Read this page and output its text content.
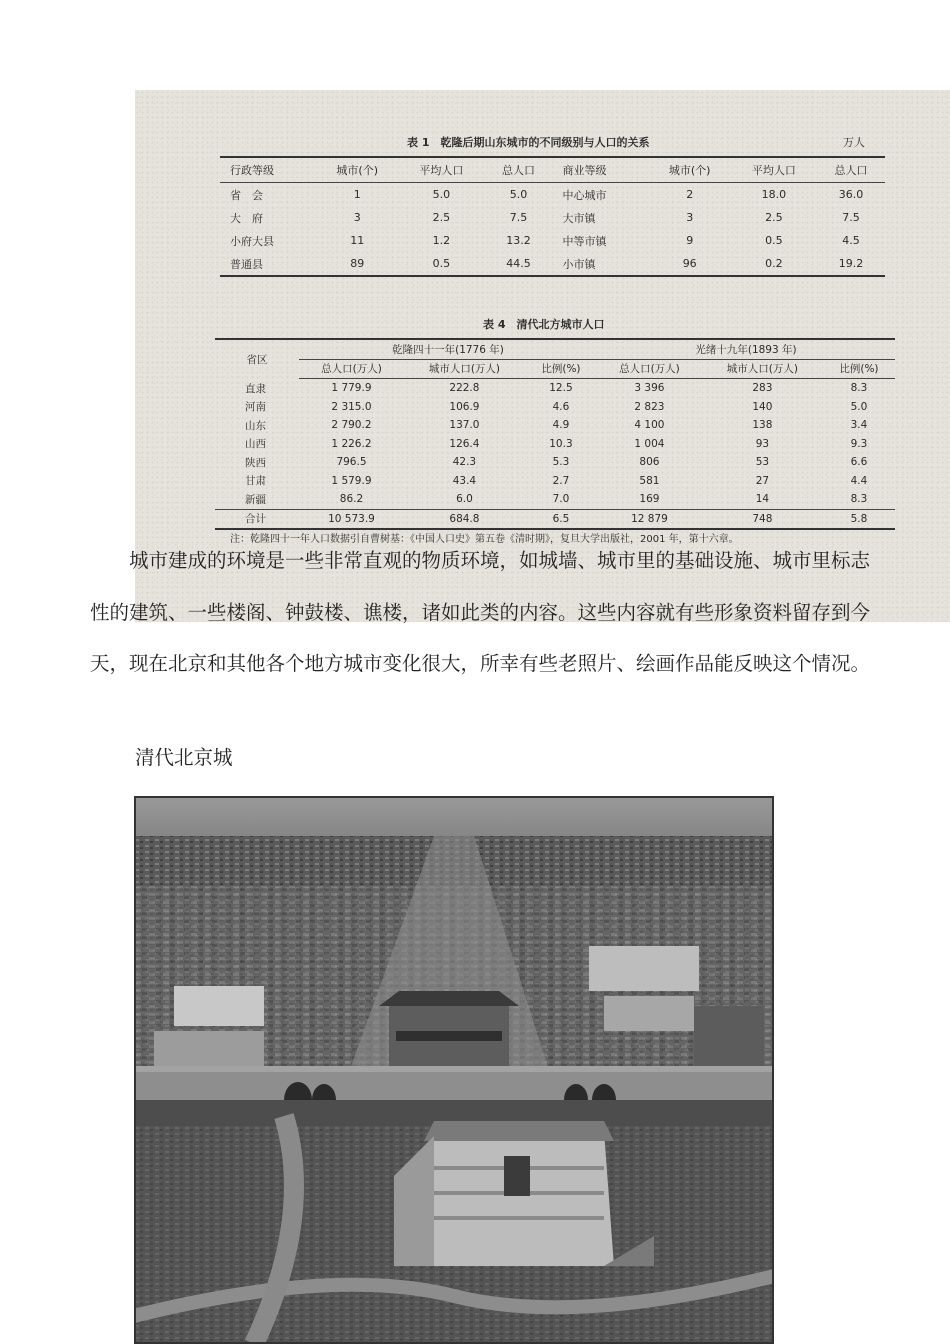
表 1　乾隆后期山东城市的不同级别与人口的关系	万人
行政等级	城市(个)	平均人口	总人口	商业等级	城市(个)	平均人口	总人口
省　会	1	5.0	5.0	中心城市	2	18.0	36.0
大　府	3	2.5	7.5	大市镇	3	2.5	7.5
小府大县	11	1.2	13.2	中等市镇	9	0.5	4.5
普通县	89	0.5	44.5	小市镇	96	0.2	19.2
表 4　清代北方城市人口
省区	乾隆四十一年(1776 年)			光绪十九年(1893 年)		
	总人口(万人)	城市人口(万人)	比例(%)	总人口(万人)	城市人口(万人)	比例(%)
直隶	1 779.9	222.8	12.5	3 396	283	8.3
河南	2 315.0	106.9	4.6	2 823	140	5.0
山东	2 790.2	137.0	4.9	4 100	138	3.4
山西	1 226.2	126.4	10.3	1 004	93	9.3
陕西	796.5	42.3	5.3	806	53	6.6
甘肃	1 579.9	43.4	2.7	581	27	4.4
新疆	86.2	6.0	7.0	169	14	8.3
合计	10 573.9	684.8	6.5	12 879	748	5.8
注：乾隆四十一年人口数据引自曹树基：《中国人口史》第五卷《清时期》，复旦大学出版社，2001 年，第十六章。

城市建成的环境是一些非常直观的物质环境，如城墙、城市里的基础设施、城市里标志性的建筑、一些楼阁、钟鼓楼、谯楼，诸如此类的内容。这些内容就有些形象资料留存到今天，现在北京和其他各个地方城市变化很大，所幸有些老照片、绘画作品能反映这个情况。

清代北京城
